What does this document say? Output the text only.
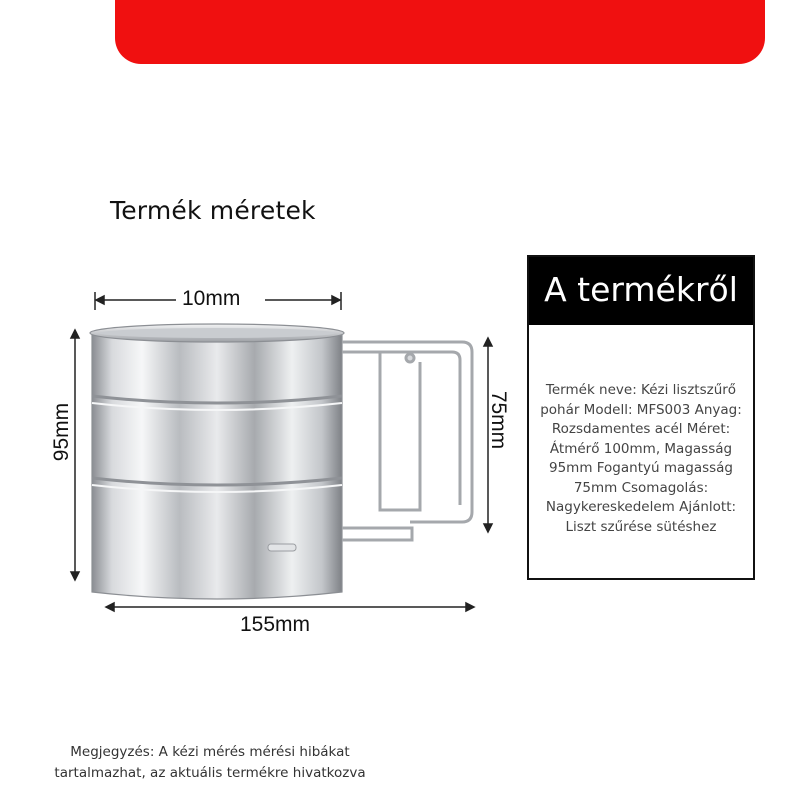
Termék méretek
10mm
155mm
95mm	75mm
A termékről
Termék neve: Kézi lisztszűrő pohár Modell: MFS003 Anyag: Rozsdamentes acél Méret: Átmérő 100mm, Magasság 95mm Fogantyú magasság 75mm Csomagolás: Nagykereskedelem Ajánlott: Liszt szűrése sütéshez
Megjegyzés: A kézi mérés mérési hibákat tartalmazhat, az aktuális termékre hivatkozva
